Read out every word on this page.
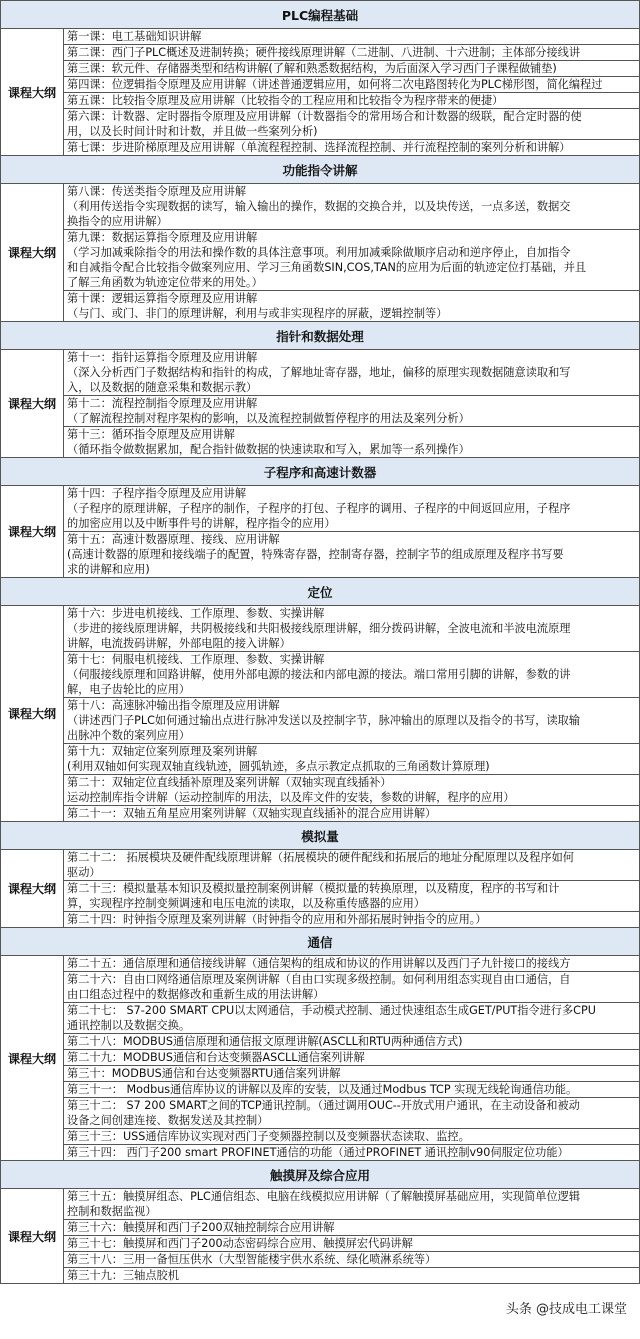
PLC编程基础
课程大纲
第一课：电工基础知识讲解
第二课：西门子PLC概述及进制转换；硬件接线原理讲解（二进制、八进制、十六进制；主体部分接线讲
第三课：软元件、存储器类型和结构讲解(了解和熟悉数据结构，为后面深入学习西门子课程做铺垫)
第四课：位逻辑指令原理及应用讲解（讲述普通逻辑应用，如何将二次电路图转化为PLC梯形图，简化编程过
第五课：比较指令原理及应用讲解（比较指令的工程应用和比较指令为程序带来的便捷）
第六课：计数器、定时器指令原理及应用讲解（计数器指令的常用场合和计数器的级联，配合定时器的使
用，以及长时间计时和计数，并且做一些案列分析)
第七课：步进阶梯原理及应用讲解（单流程程控制、选择流程控制、并行流程控制的案列分析和讲解）
功能指令讲解
课程大纲
第八课：传送类指令原理及应用讲解
（利用传送指令实现数据的读写，输入输出的操作，数据的交换合并，以及块传送，一点多送，数据交
换指令的应用讲解）
第九课：数据运算指令原理及应用讲解
（学习加减乘除指令的用法和操作数的具体注意事项。利用加减乘除做顺序启动和逆序停止，自加指令
和自减指令配合比较指令做案列应用、学习三角函数SIN,COS,TAN的应用为后面的轨迹定位打基础，并且
了解三角函数为轨迹定位带来的用处。）
第十课：逻辑运算指令原理及应用讲解
（与门、或门、非门的原理讲解，利用与或非实现程序的屏蔽，逻辑控制等）
指针和数据处理
课程大纲
第十一：指针运算指令原理及应用讲解
（深入分析西门子数据结构和指针的构成，了解地址寄存器，地址，偏移的原理实现数据随意读取和写
入，以及数据的随意采集和数据示教）
第十二：流程控制指令原理及应用讲解
（了解流程控制对程序架构的影响，以及流程控制做暂停程序的用法及案列分析）
第十三：循环指令原理及应用讲解
（循环指令做数据累加，配合指针做数据的快速读取和写入，累加等一系列操作）
子程序和高速计数器
课程大纲
第十四：子程序指令原理及应用讲解
（子程序的原理讲解，子程序的制作，子程序的打包、子程序的调用、子程序的中间返回应用，子程序
的加密应用以及中断事件号的讲解，程序指令的应用）
第十五：高速计数器原理、接线、应用讲解
(高速计数器的原理和接线端子的配置，特殊寄存器，控制寄存器，控制字节的组成原理及程序书写要
求的讲解和应用)
定位
课程大纲
第十六：步进电机接线、工作原理、参数、实操讲解
（步进的接线原理讲解，共阴极接线和共阳极接线原理讲解，细分拨码讲解，全波电流和半波电流原理
讲解，电流拨码讲解，外部电阻的接入讲解）
第十七：伺服电机接线、工作原理、参数、实操讲解
（伺服接线原理和回路讲解，使用外部电源的接法和内部电源的接法。端口常用引脚的讲解，参数的讲
解，电子齿轮比的应用）
第十八：高速脉冲输出指令原理及应用讲解
（讲述西门子PLC如何通过输出点进行脉冲发送以及控制字节，脉冲输出的原理以及指令的书写，读取输
出脉冲个数的案列应用）
第十九：双轴定位案列原理及案列讲解
(利用双轴如何实现双轴直线轨迹，圆弧轨迹，多点示教定点抓取的三角函数计算原理)
第二十：双轴定位直线插补原理及案列讲解（双轴实现直线插补）
运动控制库指令讲解（运动控制库的用法，以及库文件的安装，参数的讲解，程序的应用）
第二十一：双轴五角星应用案列讲解（双轴实现直线插补的混合应用讲解）
模拟量
课程大纲
第二十二： 拓展模块及硬件配线原理讲解（拓展模块的硬件配线和拓展后的地址分配原理以及程序如何
驱动）
第二十三：模拟量基本知识及模拟量控制案例讲解（模拟量的转换原理，以及精度，程序的书写和计
算，实现程序控制变频调速和电压电流的读取，以及称重传感器的应用）
第二十四：时钟指令原理及案列讲解（时钟指令的应用和外部拓展时钟指令的应用。）
通信
课程大纲
第二十五：通信原理和通信接线讲解（通信架构的组成和协议的作用讲解以及西门子九针接口的接线方
第二十六：自由口网络通信原理及案例讲解（自由口实现多级控制。如何利用组态实现自由口通信，自
由口组态过程中的数据修改和重新生成的用法讲解）
第二十七： S7-200 SMART CPU以太网通信，手动模式控制、通过快速组态生成GET/PUT指令进行多CPU
通讯控制以及数据交换。
第二十八：MODBUS通信原理和通信报文原理讲解(ASCLL和RTU两种通信方式)
第二十九：MODBUS通信和台达变频器ASCLL通信案列讲解
第三十：MODBUS通信和台达变频器RTU通信案列讲解
第三十一： Modbus通信库协议的讲解以及库的安装，以及通过Modbus TCP 实现无线轮询通信功能。
第三十二： S7 200 SMART之间的TCP通讯控制。（通过调用OUC--开放式用户通讯，在主动设备和被动
设备之间创建连接、数据发送及其控制）
第三十三：USS通信库协议实现对西门子变频器控制以及变频器状态读取、监控。
第三十四： 西门子200 smart PROFINET通信的功能（通过PROFINET 通讯控制v90伺服定位功能）
触摸屏及综合应用
课程大纲
第三十五：触摸屏组态、PLC通信组态、电脑在线模拟应用讲解（了解触摸屏基础应用，实现简单位逻辑
控制和数据监视）
第三十六：触摸屏和西门子200双轴控制综合应用讲解
第三十七：触摸屏和西门子200动态密码综合应用、触摸屏宏代码讲解
第三十八：三用一备恒压供水（大型智能楼宇供水系统、绿化喷淋系统等）
第三十九：三轴点胶机
头条 @技成电工课堂
